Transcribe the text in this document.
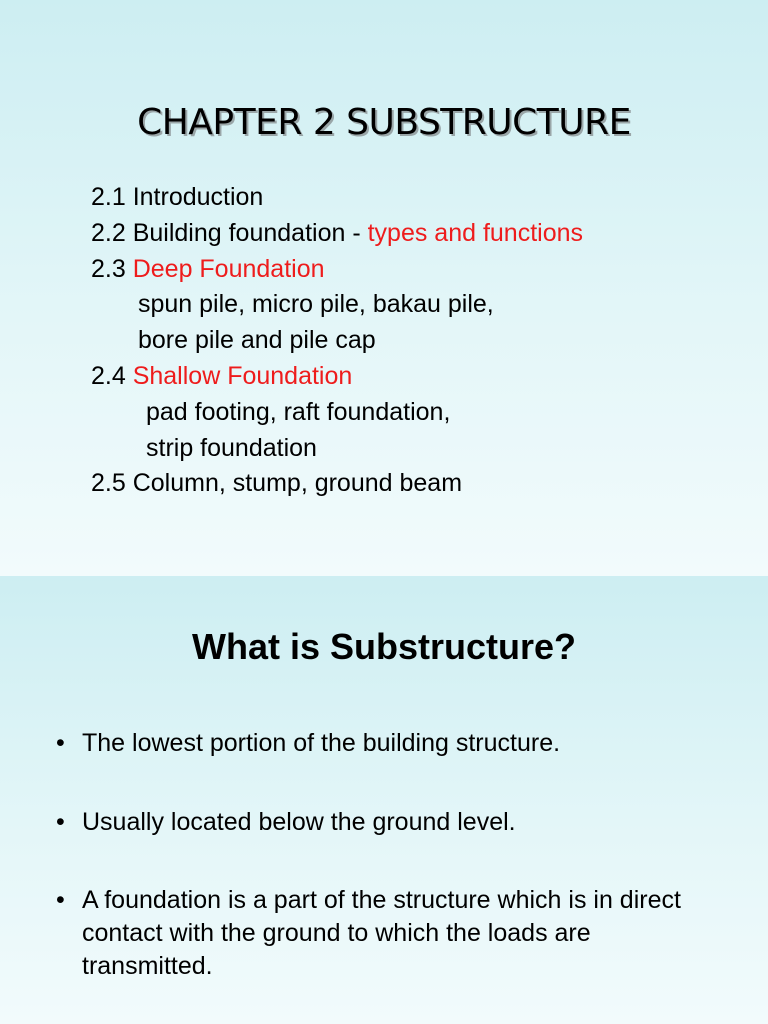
CHAPTER 2 SUBSTRUCTURE
2.1 Introduction
2.2 Building foundation - types and functions
2.3 Deep Foundation
spun pile, micro pile, bakau pile,
bore pile and pile cap
2.4 Shallow Foundation
pad footing, raft foundation,
strip foundation
2.5 Column, stump, ground beam
What is Substructure?
• The lowest portion of the building structure.
• Usually located below the ground level.
• A foundation is a part of the structure which is in direct contact with the ground to which the loads are transmitted.
